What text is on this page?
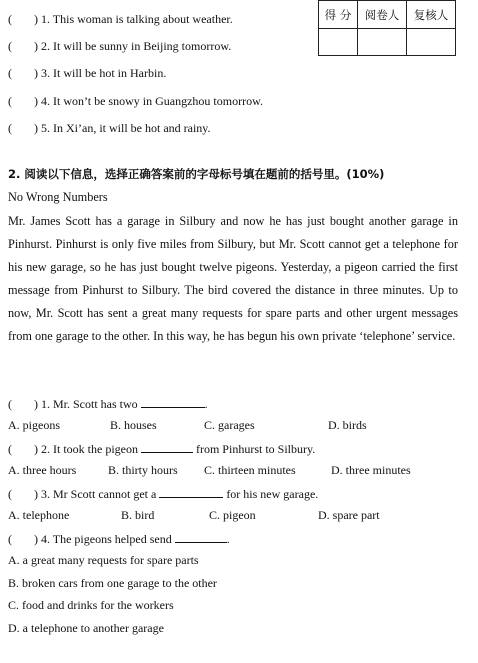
( ) 1. This woman is talking about weather.
( ) 2. It will be sunny in Beijing tomorrow.
( ) 3. It will be hot in Harbin.
( ) 4. It won’t be snowy in Guangzhou tomorrow.
( ) 5. In Xi’an, it will be hot and rainy.
得 分	阅卷人	复核人

2. 阅读以下信息，选择正确答案前的字母标号填在题前的括号里。(10%)
No Wrong Numbers
Mr. James Scott has a garage in Silbury and now he has just bought another garage in Pinhurst. Pinhurst is only five miles from Silbury, but Mr. Scott cannot get a telephone for his new garage, so he has just bought twelve pigeons. Yesterday, a pigeon carried the first message from Pinhurst to Silbury. The bird covered the distance in three minutes. Up to now, Mr. Scott has sent a great many requests for spare parts and other urgent messages from one garage to the other. In this way, he has begun his own private ‘telephone’ service.
( ) 1. Mr. Scott has two	.
A. pigeons	B. houses	C. garages	D. birds
( ) 2. It took the pigeon	from Pinhurst to Silbury.
A. three hours	B. thirty hours C. thirteen minutes	D. three minutes
( ) 3. Mr Scott cannot get a	for his new garage.
A. telephone	B. bird	C. pigeon	D. spare part
( ) 4. The pigeons helped send	.
A. a great many requests for spare parts
B. broken cars from one garage to the other
C. food and drinks for the workers
D. a telephone to another garage
